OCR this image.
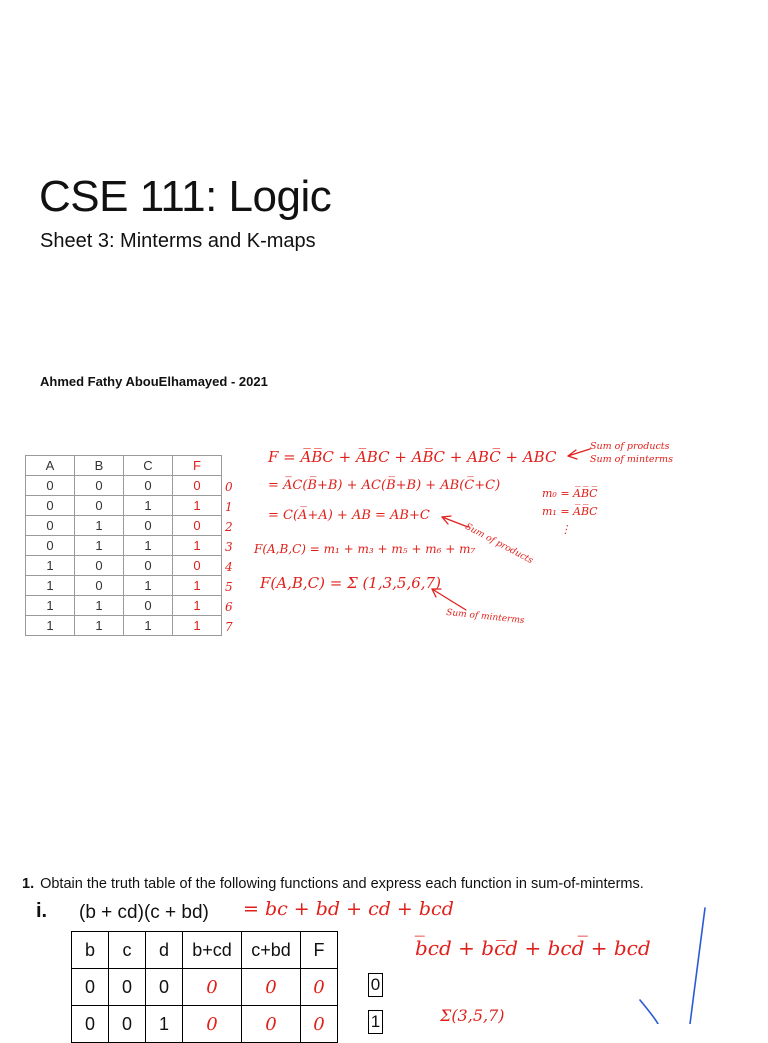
CSE 111: Logic
Sheet 3: Minterms and K-maps
Ahmed Fathy AbouElhamayed - 2021
A	B	C	F
0	0	0	0
0	0	1	1
0	1	0	0
0	1	1	1
1	0	0	0
1	0	1	1
1	1	0	1
1	1	1	1
0
1
2
3
4
5
6
7
F = A̅B̅C + A̅BC + AB̅C + ABC̅ + ABC
= A̅C(B̅+B) + AC(B̅+B) + AB(C̅+C)
= C(A̅+A) + AB = AB+C
F(A,B,C) = m₁ + m₃ + m₅ + m₆ + m₇
F(A,B,C) = Σ (1,3,5,6,7)
Sum of products
Sum of minterms
m₀ = A̅B̅C̅
m₁ = A̅B̅C
⋮
Sum of products
Sum of minterms
1. Obtain the truth table of the following functions and express each function in sum-of-minterms.
i. (b + cd)(c + bd) = bc + bd + cd + bcd
b̅cd + bc̅d + bcd̅ + bcd
Σ(3,5,7)
b	c	d	b+cd	c+bd	F
0	0	0	0	0	0
0	0	1	0	0	0
0
1
